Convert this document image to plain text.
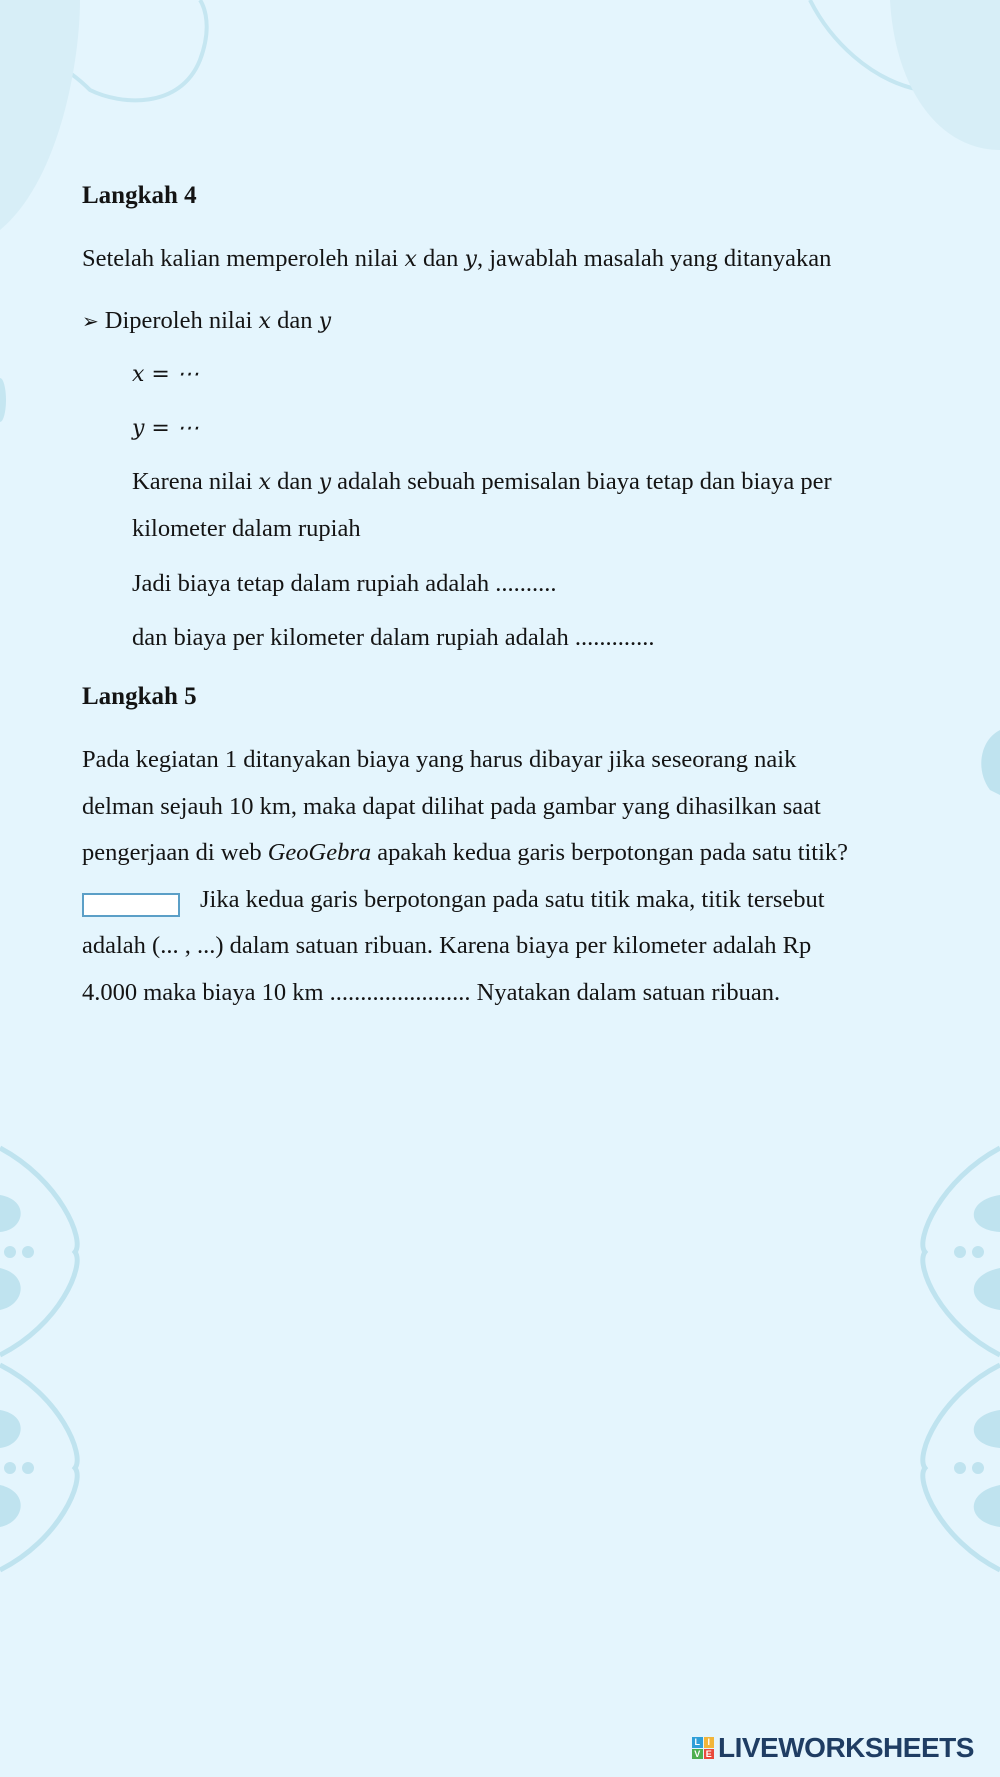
Langkah 4
Setelah kalian memperoleh nilai x dan y, jawablah masalah yang ditanyakan
➢ Diperoleh nilai x dan y
x = ⋯
y = ⋯
Karena nilai x dan y adalah sebuah pemisalan biaya tetap dan biaya per
kilometer dalam rupiah
Jadi biaya tetap dalam rupiah adalah ..........
dan biaya per kilometer dalam rupiah adalah .............
Langkah 5
Pada kegiatan 1 ditanyakan biaya yang harus dibayar jika seseorang naik
delman sejauh 10 km, maka dapat dilihat pada gambar yang dihasilkan saat
pengerjaan di web GeoGebra apakah kedua garis berpotongan pada satu titik?
Jika kedua garis berpotongan pada satu titik maka, titik tersebut
adalah (... , ...) dalam satuan ribuan. Karena biaya per kilometer adalah Rp
4.000 maka biaya 10 km ....................... Nyatakan dalam satuan ribuan.
L I
V E LIVEWORKSHEETS
